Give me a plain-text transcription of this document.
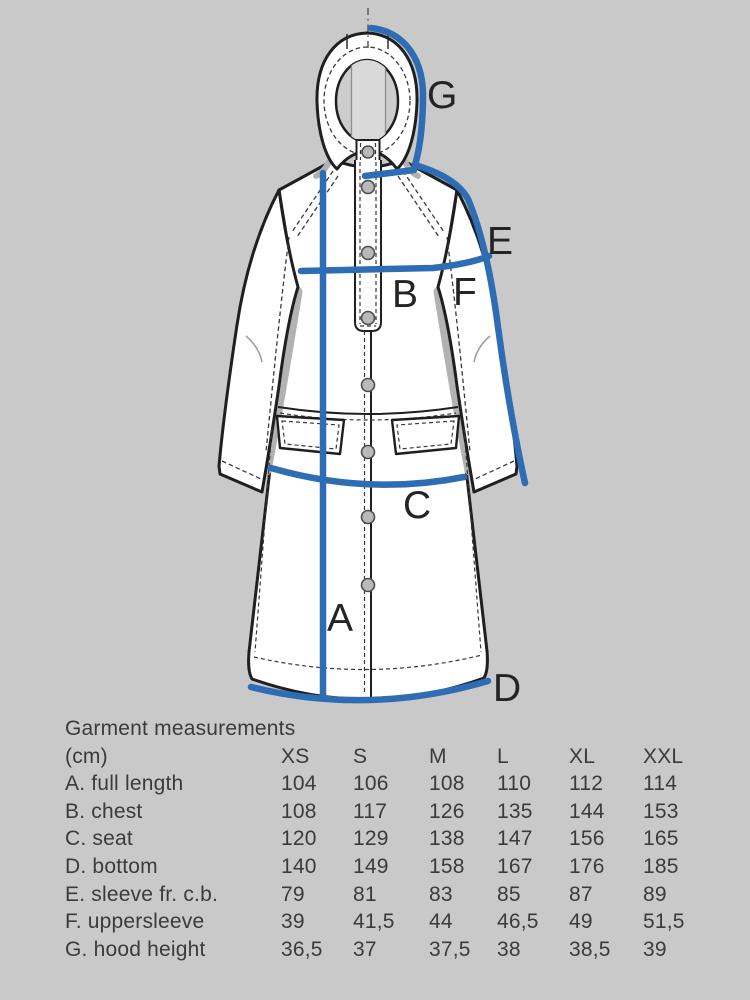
G
E
B F
C
A
D
Garment measurements
(cm)	XS	S	M	L	XL	XXL
A. full length	104	106	108	110	112	114
B. chest	108	117	126	135	144	153
C. seat	120	129	138	147	156	165
D. bottom	140	149	158	167	176	185
E. sleeve fr. c.b.	79	81	83	85	87	89
F. uppersleeve	39	41,5	44	46,5	49	51,5
G. hood height	36,5	37	37,5	38	38,5	39
